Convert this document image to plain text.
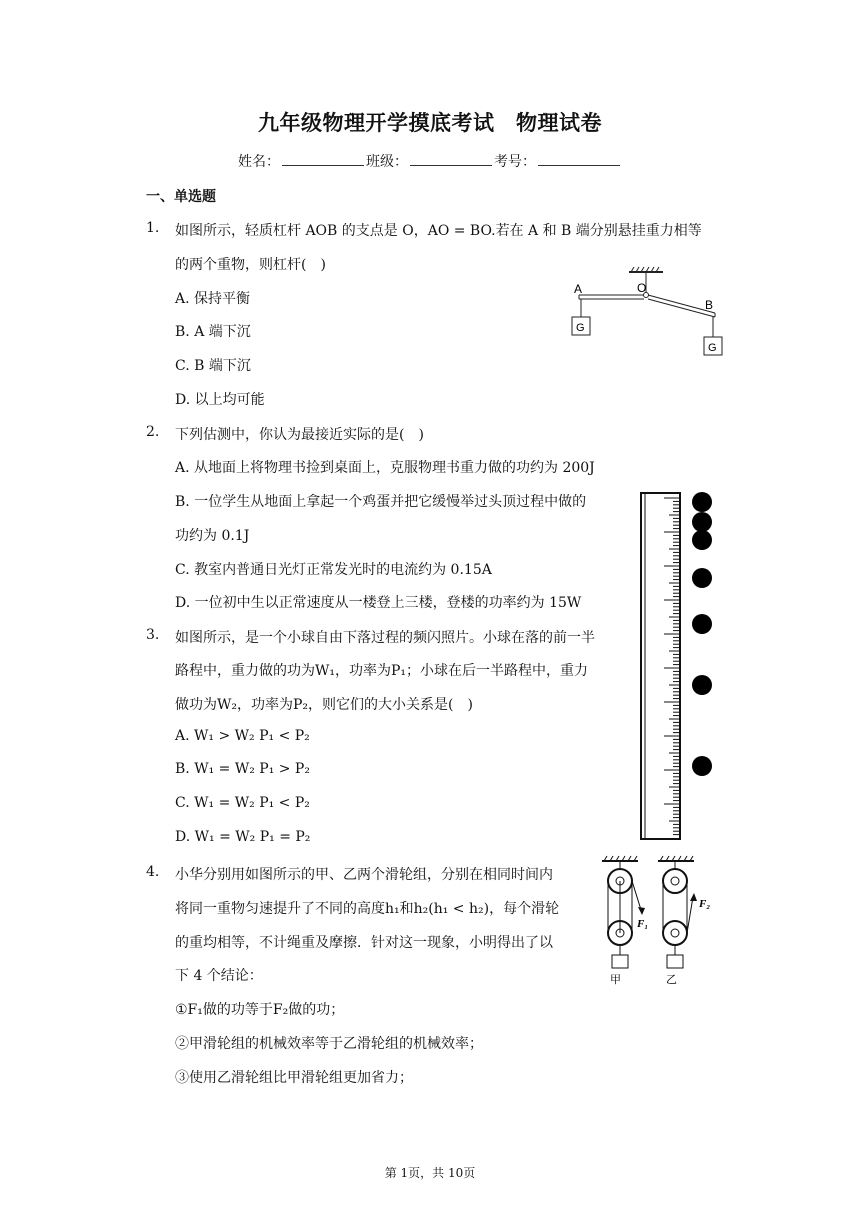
九年级物理开学摸底考试　物理试卷
姓名：	班级：	考号：
一、单选题
1. 如图所示，轻质杠杆 AOB 的支点是 O，AO = BO.若在 A 和 B 端分别悬挂重力相等
的两个重物，则杠杆(　)
A. 保持平衡
B. A 端下沉
C. B 端下沉
D. 以上均可能
A	O
B
G
G
2. 下列估测中，你认为最接近实际的是(　)
A. 从地面上将物理书捡到桌面上，克服物理书重力做的功约为 200J
B. 一位学生从地面上拿起一个鸡蛋并把它缓慢举过头顶过程中做的
功约为 0.1J
C. 教室内普通日光灯正常发光时的电流约为 0.15A
D. 一位初中生以正常速度从一楼登上三楼，登楼的功率约为 15W
3. 如图所示，是一个小球自由下落过程的频闪照片。小球在落的前一半
路程中，重力做的功为W₁，功率为P₁；小球在后一半路程中，重力
做功为W₂，功率为P₂，则它们的大小关系是(　)
A. W₁ > W₂ P₁ < P₂
B. W₁ = W₂ P₁ > P₂
C. W₁ = W₂ P₁ < P₂
D. W₁ = W₂ P₁ = P₂
4. 小华分别用如图所示的甲、乙两个滑轮组，分别在相同时间内
将同一重物匀速提升了不同的高度h₁和h₂(h₁ < h₂)，每个滑轮
的重均相等，不计绳重及摩擦．针对这一现象，小明得出了以
下 4 个结论：
①F₁做的功等于F₂做的功；
②甲滑轮组的机械效率等于乙滑轮组的机械效率；
③使用乙滑轮组比甲滑轮组更加省力；
F₁
甲
F₂
乙
第 1页，共 10页
